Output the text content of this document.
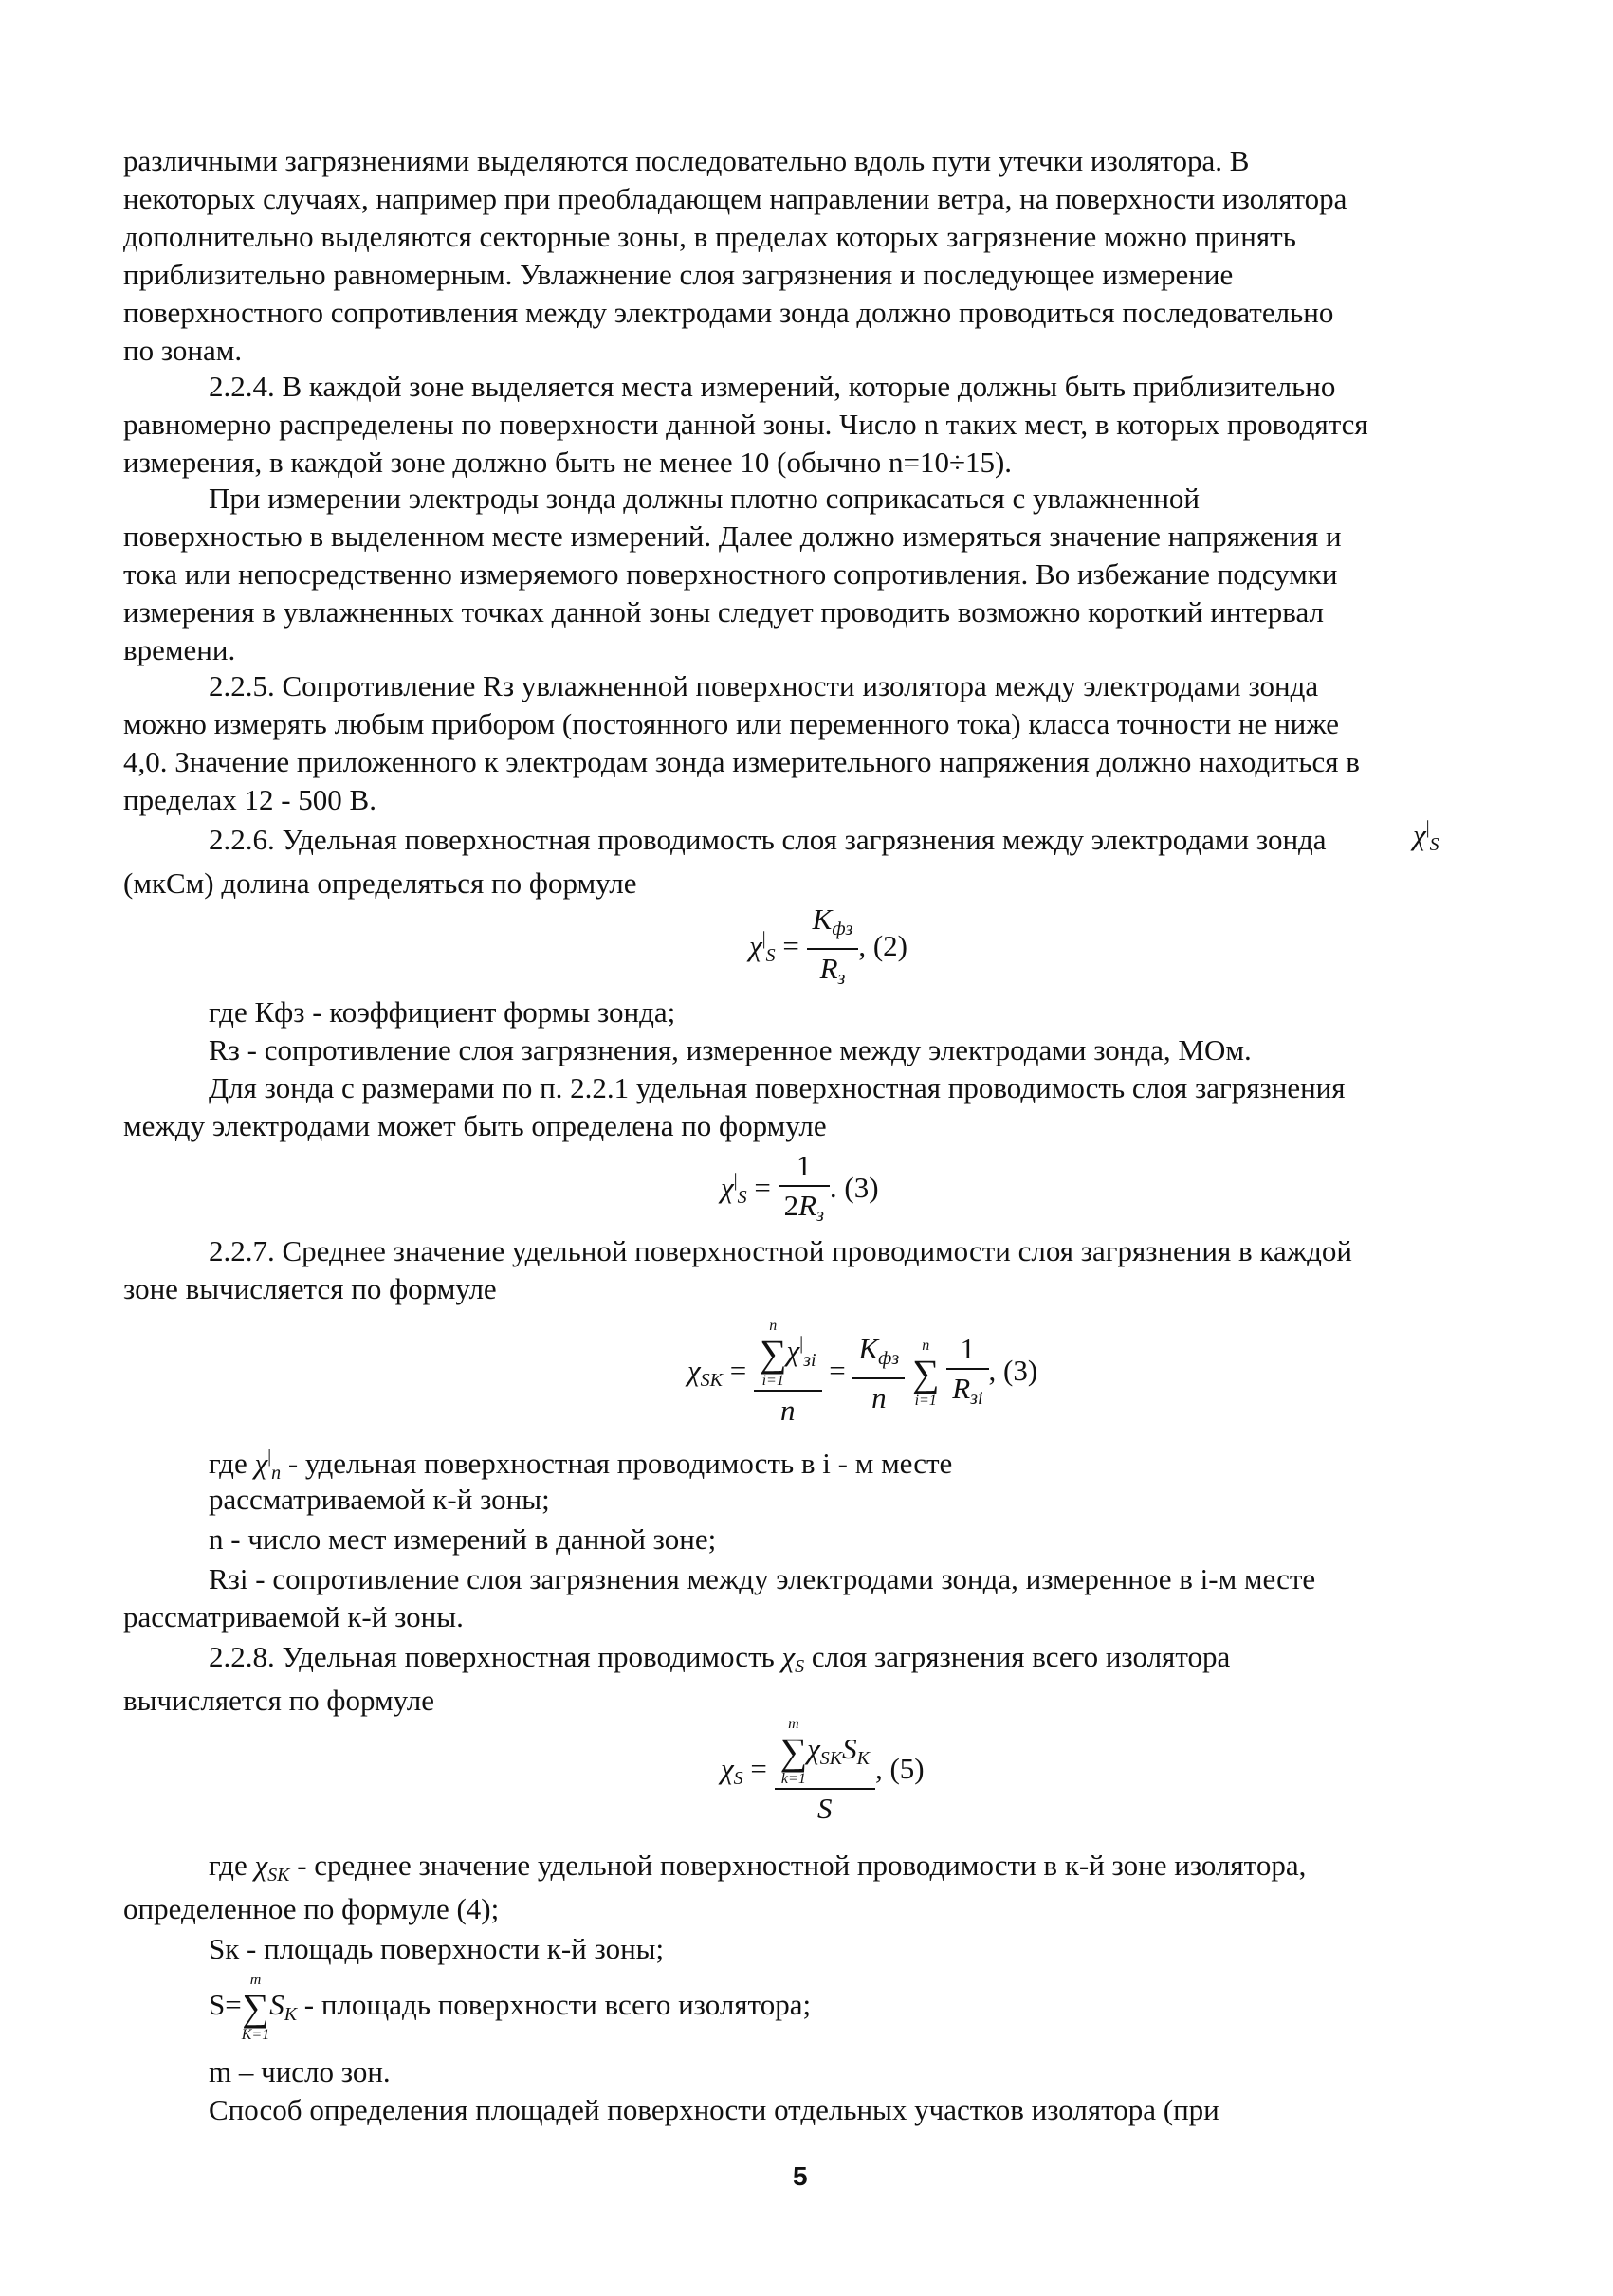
различными загрязнениями выделяются последовательно вдоль пути утечки изолятора. В
некоторых случаях, например при преобладающем направлении ветра, на поверхности изолятора
дополнительно выделяются секторные зоны, в пределах которых загрязнение можно принять
приблизительно равномерным. Увлажнение слоя загрязнения и последующее измерение
поверхностного сопротивления между электродами зонда должно проводиться последовательно
по зонам.
2.2.4. В каждой зоне выделяется места измерений, которые должны быть приблизительно
равномерно распределены по поверхности данной зоны. Число n таких мест, в которых проводятся
измерения, в каждой зоне должно быть не менее 10 (обычно n=10÷15).
При измерении электроды зонда должны плотно соприкасаться с увлажненной
поверхностью в выделенном месте измерений. Далее должно измеряться значение напряжения и
тока или непосредственно измеряемого поверхностного сопротивления. Во избежание подсумки
измерения в увлажненных точках данной зоны следует проводить возможно короткий интервал
времени.
2.2.5. Сопротивление Rз увлажненной поверхности изолятора между электродами зонда
можно измерять любым прибором (постоянного или переменного тока) класса точности не ниже
4,0. Значение приложенного к электродам зонда измерительного напряжения должно находиться в
пределах 12 - 500 В.
2.2.6. Удельная поверхностная проводимость слоя загрязнения между электродами зонда	$\chi^|_S$
(мкСм) долина определяться по формуле
$\chi^|_S = \frac{K_{фз}}{R_з}$ , (2)
где Кфз - коэффициент формы зонда;
Rз - сопротивление слоя загрязнения, измеренное между электродами зонда, МОм.
Для зонда с размерами по п. 2.2.1 удельная поверхностная проводимость слоя загрязнения
между электродами может быть определена по формуле
$\chi^|_S = \frac{1}{2R_з}$ . (3)
2.2.7. Среднее значение удельной поверхностной проводимости слоя загрязнения в каждой
зоне вычисляется по формуле
$\chi_{SK} = n$
∑
i=1
$\chi^|_{зi}$
$n = \frac{K_{фз}}{n}$
	n
∑
i=1
$\frac{1}{R_{зi}}$ , (3)
где $\chi^|_n$ - удельная поверхностная проводимость в i - м месте
рассматриваемой к-й зоны;
n - число мест измерений в данной зоне;
Rзi - сопротивление слоя загрязнения между электродами зонда, измеренное в i-м месте
рассматриваемой к-й зоны.
2.2.8. Удельная поверхностная проводимость $\chi_S$ слоя загрязнения всего изолятора
вычисляется по формуле
$\chi_S = m$
∑
k=1
$\chi_{SK}S_K$
S , (5)
где $\chi_{SK}$ - среднее значение удельной поверхностной проводимости в к-й зоне изолятора,
определенное по формуле (4);
Sк - площадь поверхности к-й зоны;
S=
m
∑
K=1
$S_K$ - площадь поверхности всего изолятора;
m – число зон.
Способ определения площадей поверхности отдельных участков изолятора (при
5
